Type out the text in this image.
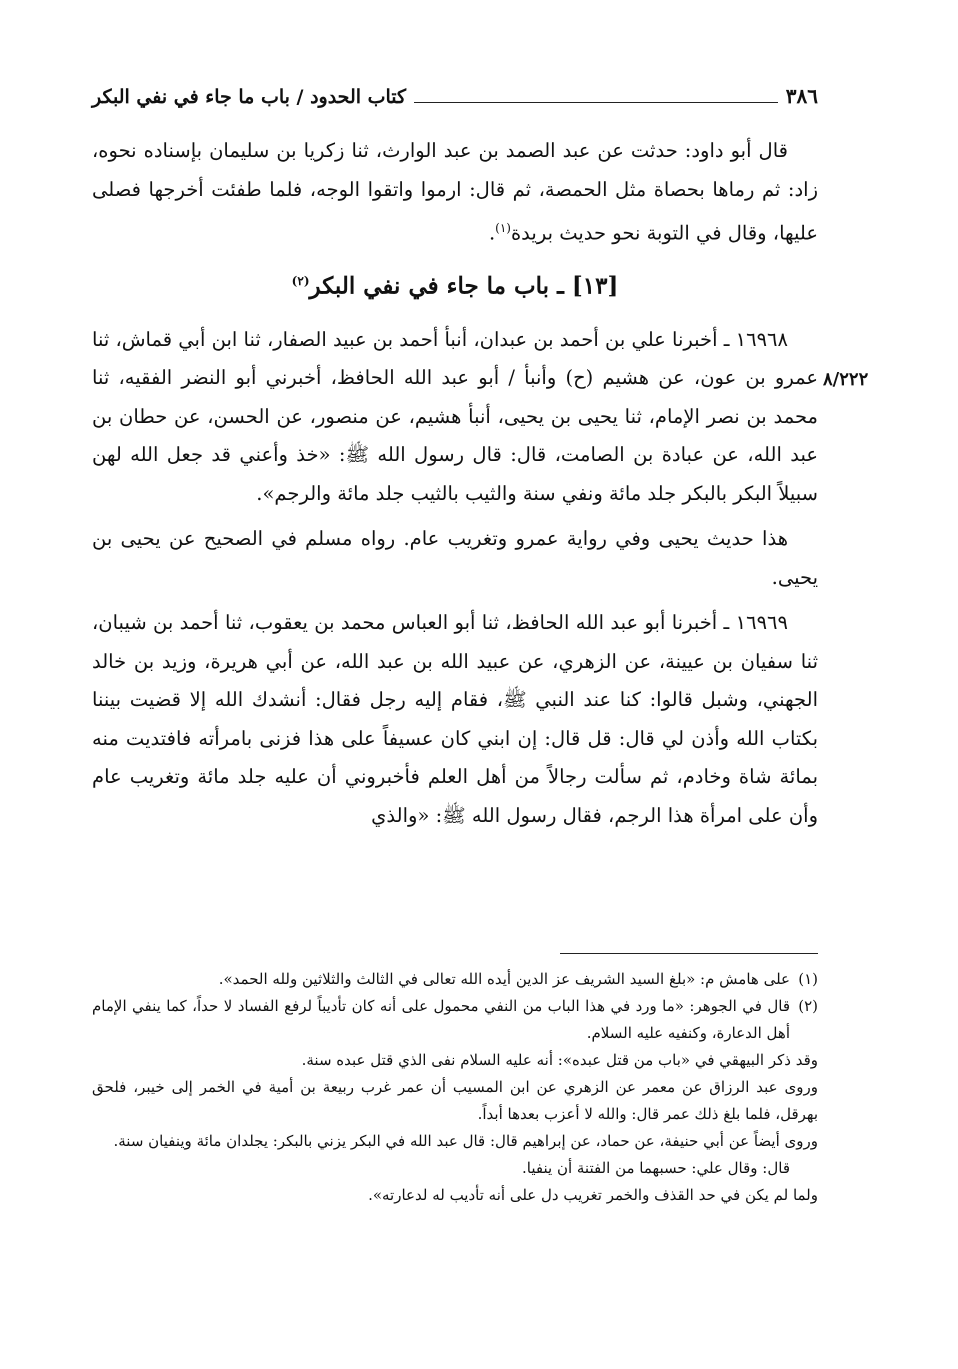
٣٨٦
كتاب الحدود / باب ما جاء في نفي البكر
٨/٢٢٢

قال أبو داود: حدثت عن عبد الصمد بن عبد الوارث، ثنا زكريا بن سليمان بإسناده نحوه، زاد: ثم رماها بحصاة مثل الحمصة، ثم قال: ارموا واتقوا الوجه، فلما طفئت أخرجها فصلى عليها، وقال في التوبة نحو حديث بريدة$^{(١)}$.

[١٣] ـ باب ما جاء في نفي البكر$^{(٢)}$

١٦٩٦٨ ـ أخبرنا علي بن أحمد بن عبدان، أنبأ أحمد بن عبيد الصفار، ثنا ابن أبي قماش، ثنا عمرو بن عون، عن هشيم (ح) وأنبأ / أبو عبد الله الحافظ، أخبرني أبو النضر الفقيه، ثنا محمد بن نصر الإمام، ثنا يحيى بن يحيى، أنبأ هشيم، عن منصور، عن الحسن، عن حطان بن عبد الله، عن عبادة بن الصامت، قال: قال رسول الله ﷺ: «خذ وأعني قد جعل الله لهن سبيلاً البكر بالبكر جلد مائة ونفي سنة والثيب بالثيب جلد مائة والرجم».

هذا حديث يحيى وفي رواية عمرو وتغريب عام. رواه مسلم في الصحيح عن يحيى بن يحيى.

١٦٩٦٩ ـ أخبرنا أبو عبد الله الحافظ، ثنا أبو العباس محمد بن يعقوب، ثنا أحمد بن شيبان، ثنا سفيان بن عيينة، عن الزهري، عن عبيد الله بن عبد الله، عن أبي هريرة، وزيد بن خالد الجهني، وشبل قالوا: كنا عند النبي ﷺ، فقام إليه رجل فقال: أنشدك الله إلا قضيت بيننا بكتاب الله وأذن لي قال: قل قال: إن ابني كان عسيفاً على هذا فزنى بامرأته فافتديت منه بمائة شاة وخادم، ثم سألت رجالاً من أهل العلم فأخبروني أن عليه جلد مائة وتغريب عام وأن على امرأة هذا الرجم، فقال رسول الله ﷺ: «والذي

(١)
على هامش م: «بلغ السيد الشريف عز الدين أيده الله تعالى في الثالث والثلاثين ولله الحمد».

(٢)
قال في الجوهر: «ما ورد في هذا الباب من النفي محمول على أنه كان تأديباً لرفع الفساد لا حداً، كما ينفي الإمام أهل الدعارة، وكنفيه عليه السلام.

وقد ذكر البيهقي في «باب من قتل عبده»: أنه عليه السلام نفى الذي قتل عبده سنة.

وروى عبد الرزاق عن معمر عن الزهري عن ابن المسيب أن عمر غرب ربيعة بن أمية في الخمر إلى خيبر، فلحق بهرقل، فلما بلغ ذلك عمر قال: والله لا أعزب بعدها أبداً.

وروى أيضاً عن أبي حنيفة، عن حماد، عن إبراهيم قال: قال عبد الله في البكر يزني بالبكر: يجلدان مائة وينفيان سنة.

قال: وقال علي: حسبهما من الفتنة أن ينفيا.

ولما لم يكن في حد القذف والخمر تغريب دل على أنه تأديب له لدعارته».
